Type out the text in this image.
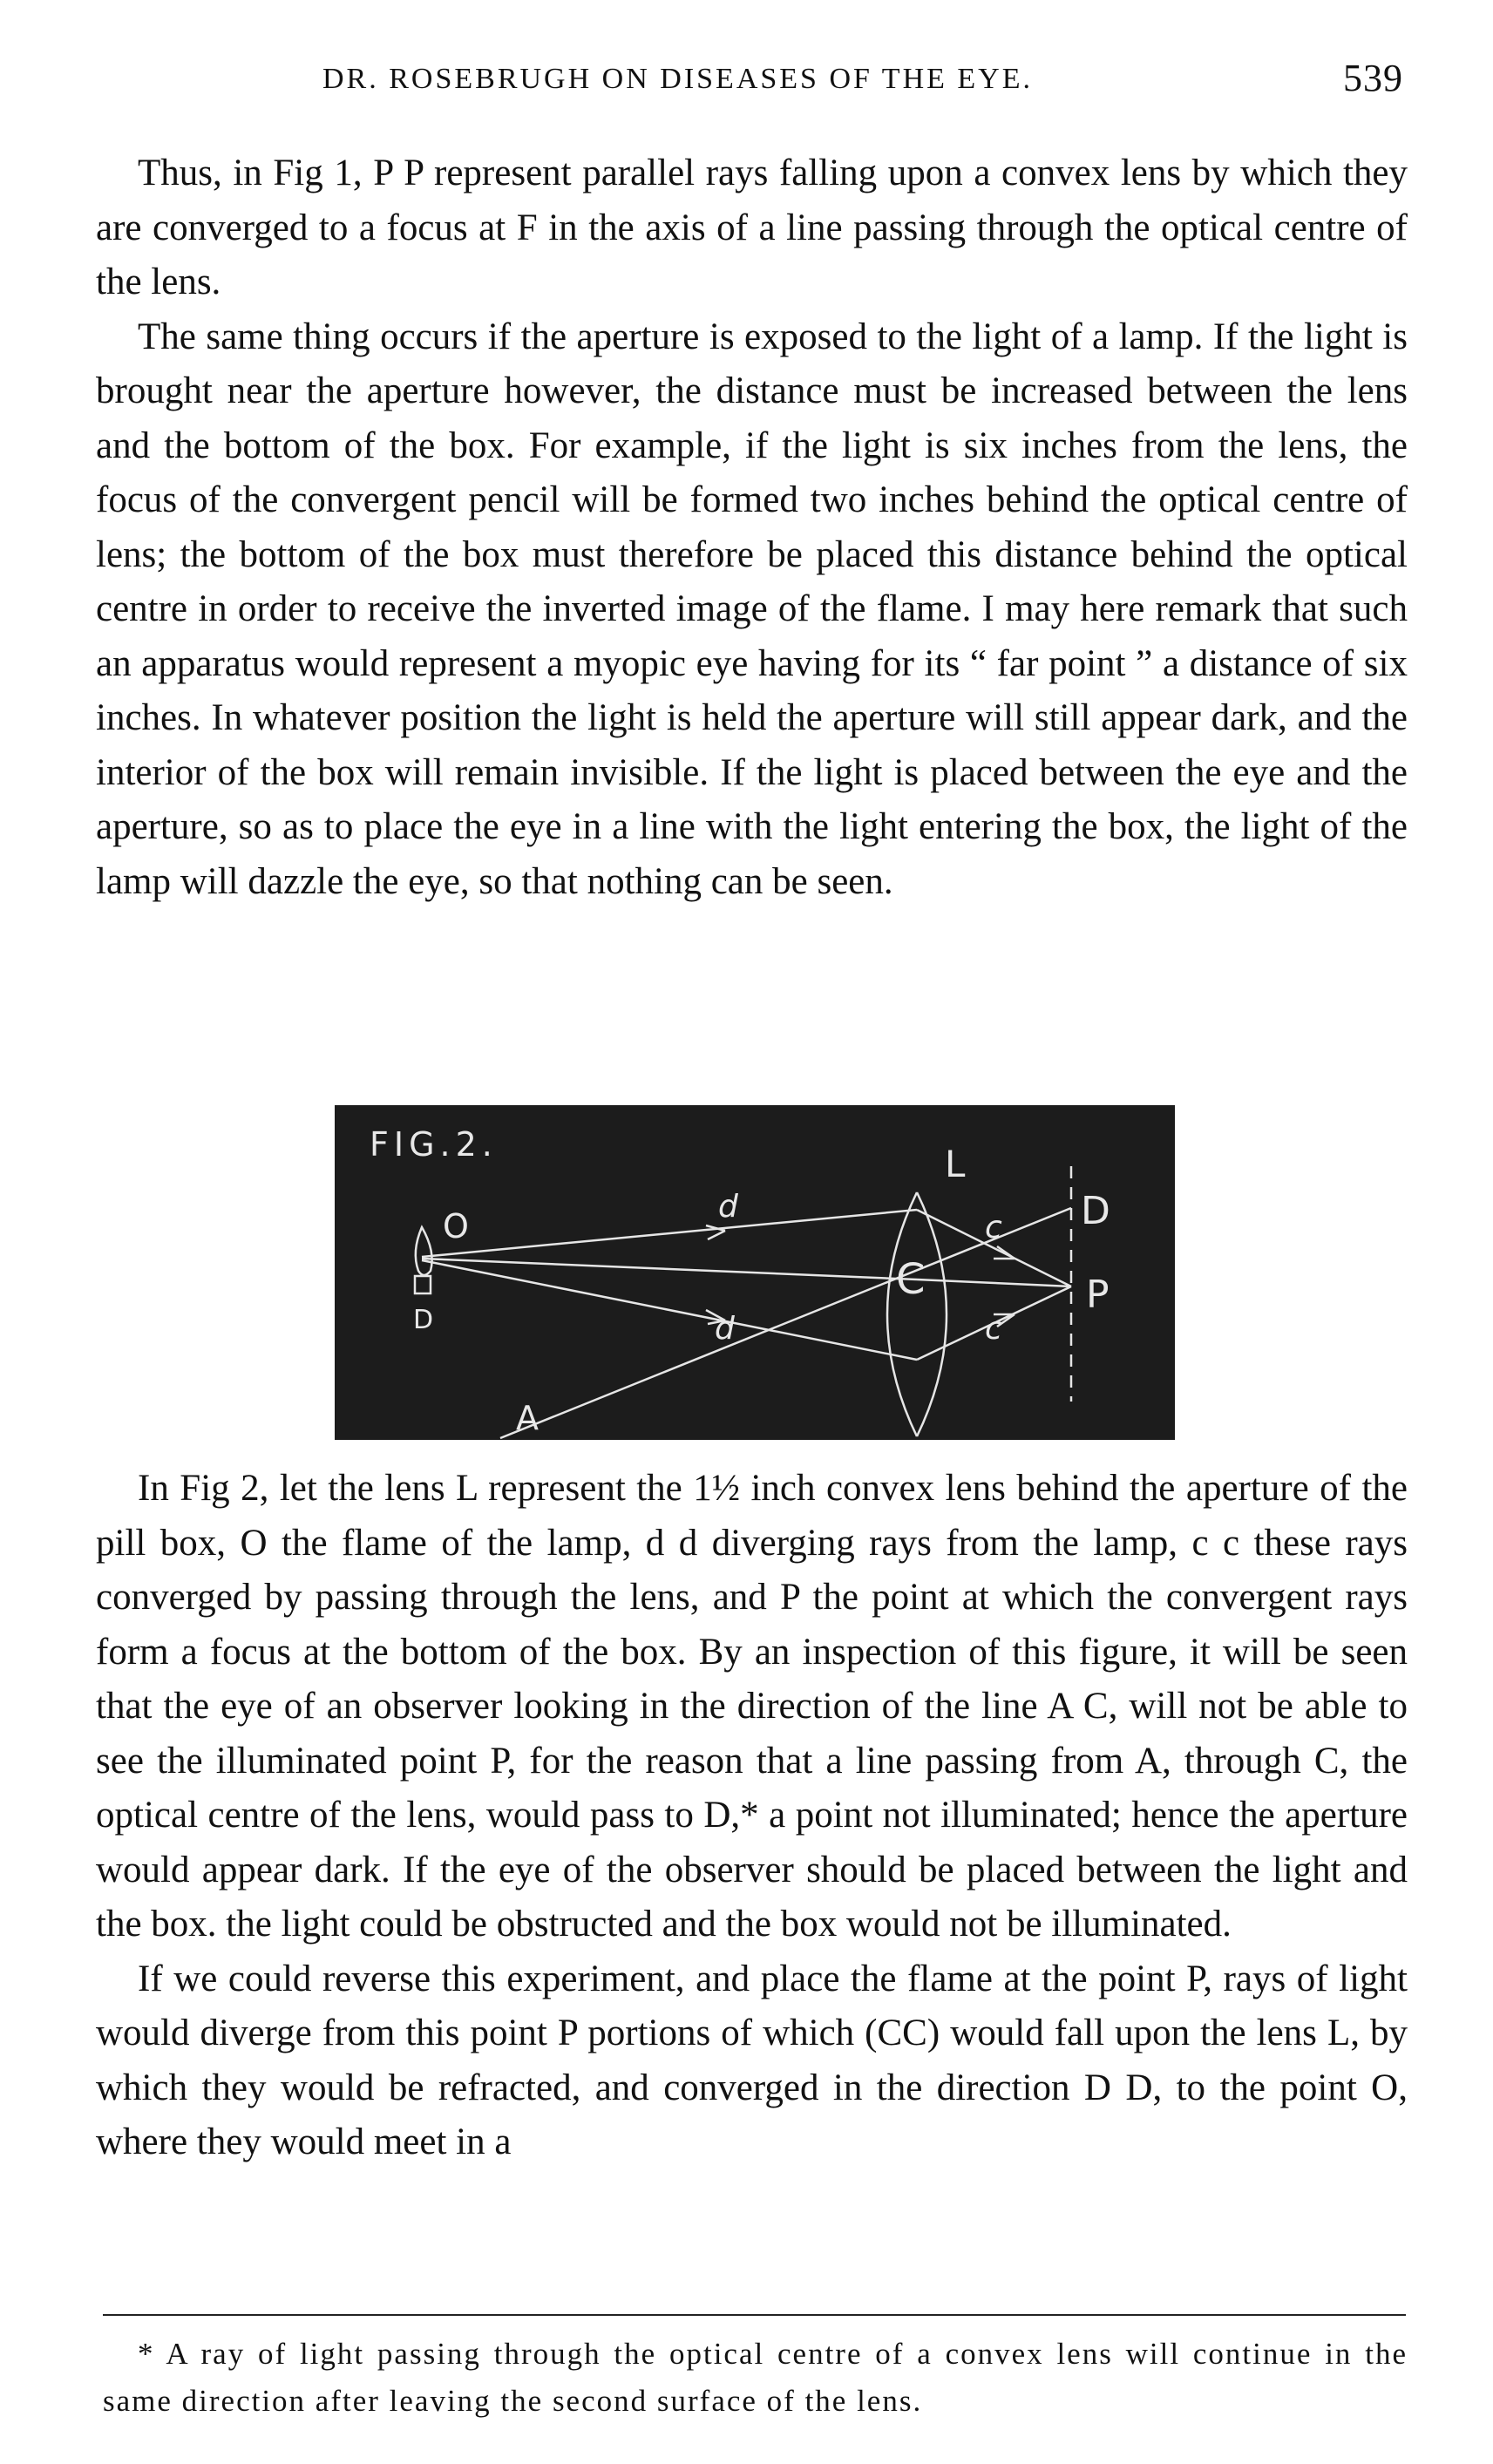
DR. ROSEBRUGH ON DISEASES OF THE EYE.	539

Thus, in Fig 1, P P represent parallel rays falling upon a convex lens by which they are converged to a focus at F in the axis of a line passing through the optical centre of the lens.

The same thing occurs if the aperture is exposed to the light of a lamp. If the light is brought near the aperture however, the distance must be increased between the lens and the bottom of the box. For example, if the light is six inches from the lens, the focus of the convergent pencil will be formed two inches behind the optical centre of lens; the bottom of the box must therefore be placed this distance behind the optical centre in order to receive the inverted image of the flame. I may here remark that such an apparatus would represent a myopic eye having for its “ far point ” a distance of six inches. In whatever position the light is held the aperture will still appear dark, and the interior of the box will remain invisible. If the light is placed between the eye and the aperture, so as to place the eye in a line with the light entering the box, the light of the lamp will dazzle the eye, so that nothing can be seen.

FIG.2.
O
D
A
L
C
D
P
d
d
c
c

In Fig 2, let the lens L represent the 1½ inch convex lens behind the aperture of the pill box, O the flame of the lamp, d d diverging rays from the lamp, c c these rays converged by passing through the lens, and P the point at which the convergent rays form a focus at the bottom of the box. By an inspection of this figure, it will be seen that the eye of an observer looking in the direction of the line A C, will not be able to see the illuminated point P, for the reason that a line passing from A, through C, the optical centre of the lens, would pass to D,* a point not illuminated; hence the aperture would appear dark. If the eye of the observer should be placed between the light and the box. the light could be obstructed and the box would not be illuminated.

If we could reverse this experiment, and place the flame at the point P, rays of light would diverge from this point P portions of which (CC) would fall upon the lens L, by which they would be refracted, and converged in the direction D D, to the point O, where they would meet in a

* A ray of light passing through the optical centre of a convex lens will continue in the same direction after leaving the second surface of the lens.
